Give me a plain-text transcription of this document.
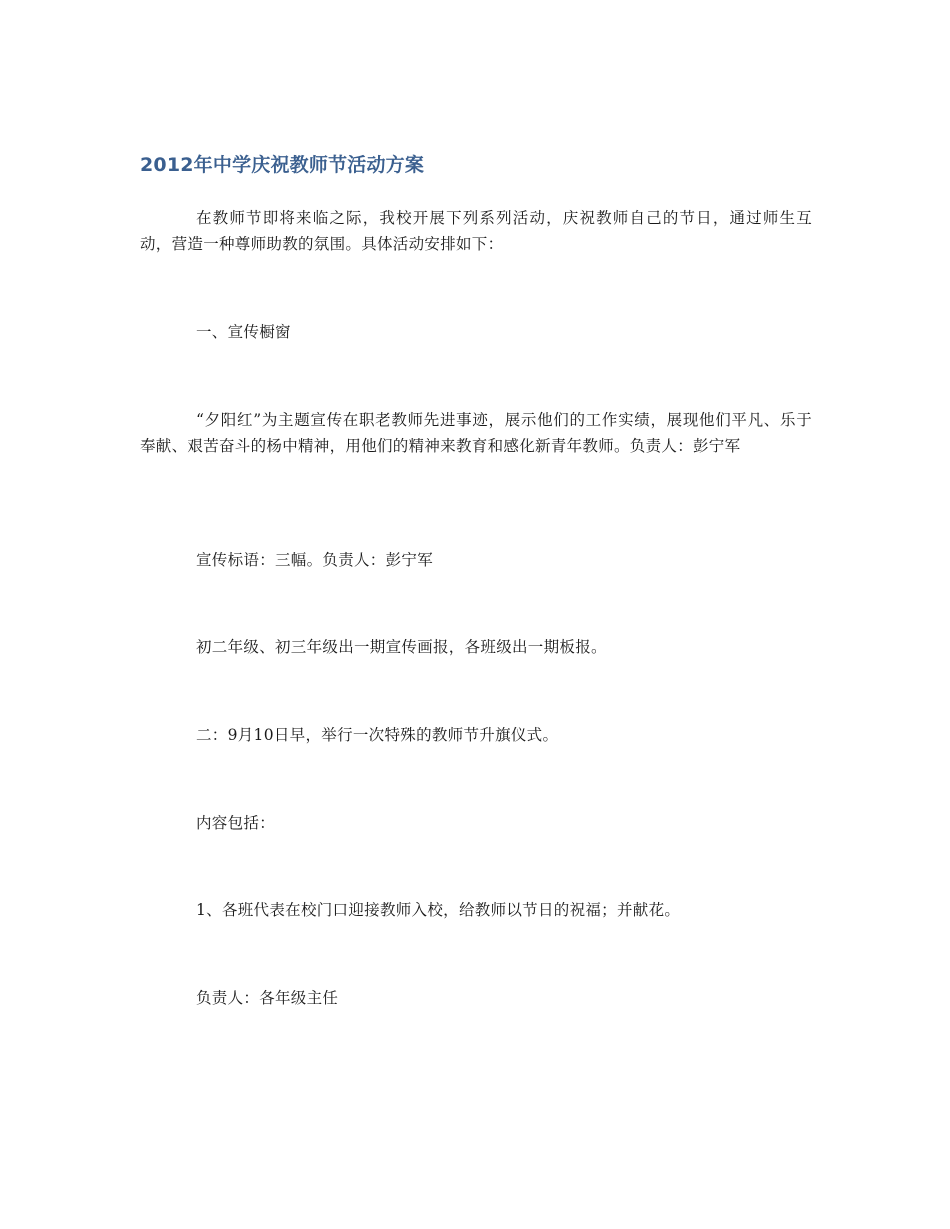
2012年中学庆祝教师节活动方案

在教师节即将来临之际，我校开展下列系列活动，庆祝教师自己的节日，通过师生互动，营造一种尊师助教的氛围。具体活动安排如下：

一、宣传橱窗

“夕阳红”为主题宣传在职老教师先进事迹，展示他们的工作实绩，展现他们平凡、乐于奉献、艰苦奋斗的杨中精神，用他们的精神来教育和感化新青年教师。负责人：彭宁军

宣传标语：三幅。负责人：彭宁军

初二年级、初三年级出一期宣传画报，各班级出一期板报。

二：9月10日早，举行一次特殊的教师节升旗仪式。

内容包括：

1、各班代表在校门口迎接教师入校，给教师以节日的祝福；并献花。

负责人：各年级主任
